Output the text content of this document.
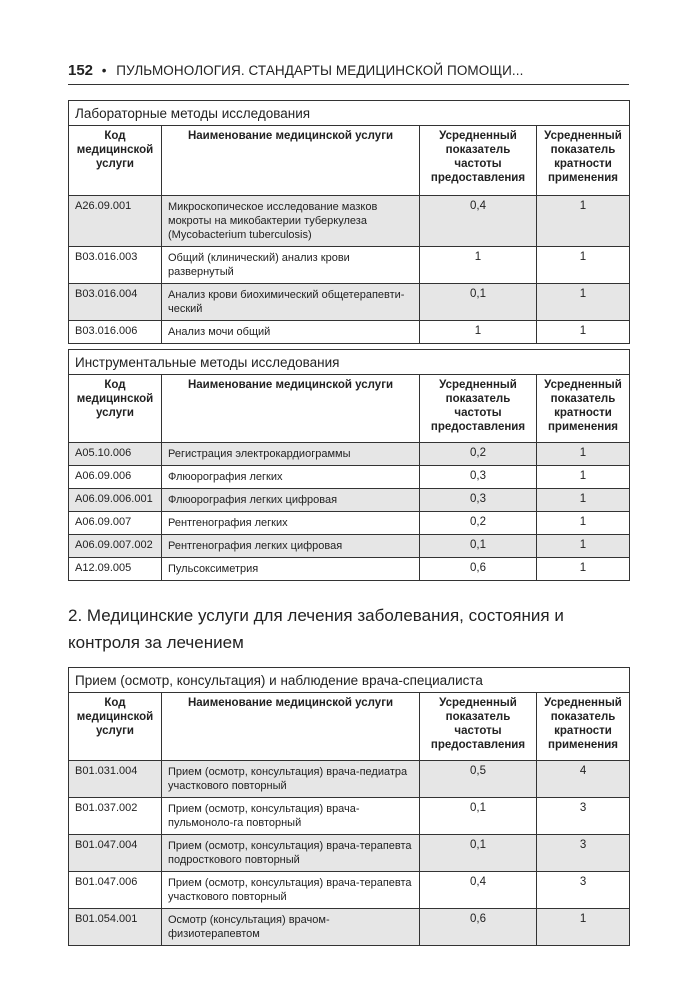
152 • ПУЛЬМОНОЛОГИЯ. СТАНДАРТЫ МЕДИЦИНСКОЙ ПОМОЩИ...
Лабораторные методы исследования			
Код медицинской услуги	Наименование медицинской услуги	Усредненный показатель частоты предоставления	Усредненный показатель кратности применения
A26.09.001	Микроскопическое исследование мазков мокроты на микобактерии туберкулеза (Mycobacterium tuberculosis)	0,4	1
B03.016.003	Общий (клинический) анализ крови развернутый	1	1
B03.016.004	Анализ крови биохимический общетерапевти-ческий	0,1	1
B03.016.006	Анализ мочи общий	1	1
Инструментальные методы исследования			
Код медицинской услуги	Наименование медицинской услуги	Усредненный показатель частоты предоставления	Усредненный показатель кратности применения
A05.10.006	Регистрация электрокардиограммы	0,2	1
A06.09.006	Флюорография легких	0,3	1
A06.09.006.001	Флюорография легких цифровая	0,3	1
A06.09.007	Рентгенография легких	0,2	1
A06.09.007.002	Рентгенография легких цифровая	0,1	1
A12.09.005	Пульсоксиметрия	0,6	1
2. Медицинские услуги для лечения заболевания, состояния и контроля за лечением
Прием (осмотр, консультация) и наблюдение врача-специалиста			
Код медицинской услуги	Наименование медицинской услуги	Усредненный показатель частоты предоставления	Усредненный показатель кратности применения
B01.031.004	Прием (осмотр, консультация) врача-педиатра участкового повторный	0,5	4
B01.037.002	Прием (осмотр, консультация) врача-пульмоноло-га повторный	0,1	3
B01.047.004	Прием (осмотр, консультация) врача-терапевта подросткового повторный	0,1	3
B01.047.006	Прием (осмотр, консультация) врача-терапевта участкового повторный	0,4	3
B01.054.001	Осмотр (консультация) врачом-физиотерапевтом	0,6	1
